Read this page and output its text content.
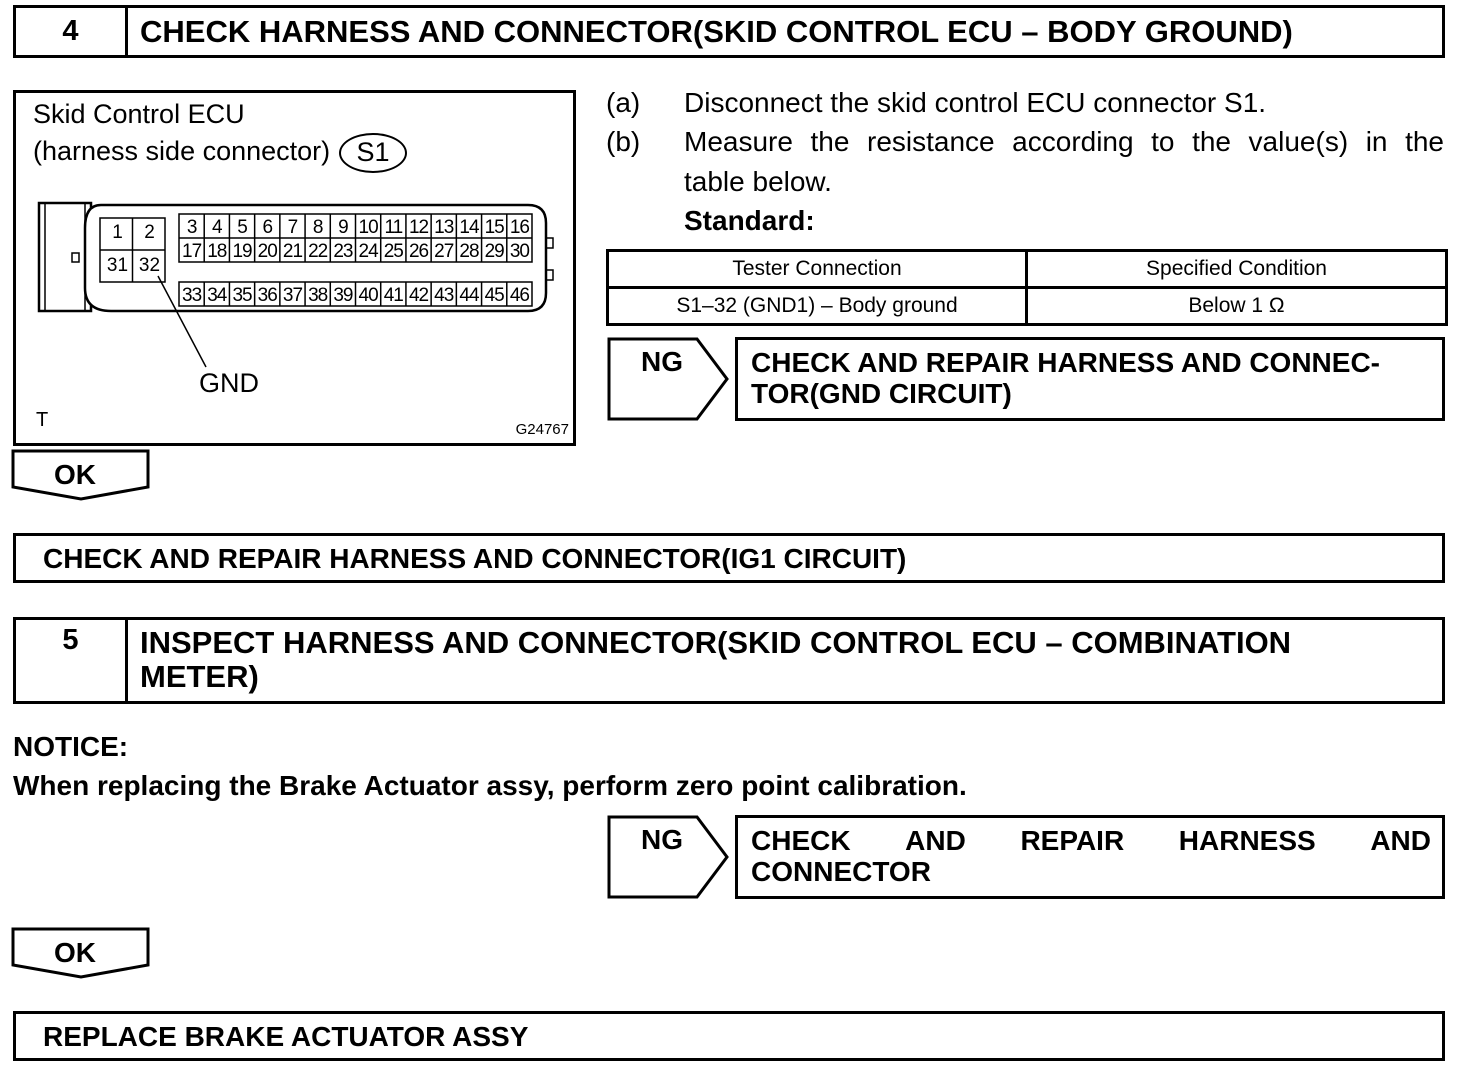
4	CHECK HARNESS AND CONNECTOR(SKID CONTROL ECU – BODY GROUND)
Skid Control ECU
(harness side connector) S1
1	2
31 32
3 4 5 6 7 8 9 10 11 12 13 14 15 16
17 18 19 20 21 22 23 24 25 26 27 28 29 30
33 34 35 36 37 38 39 40 41 42 43 44 45 46
GND
T	G24767
(a) Disconnect the skid control ECU connector S1.
(b) Measure the resistance according to the value(s) in the
table below.
Standard:
Tester Connection	Specified Condition
S1–32 (GND1) – Body ground	Below 1 Ω
NG CHECK AND REPAIR HARNESS AND CONNEC-
TOR(GND CIRCUIT)
OK
CHECK AND REPAIR HARNESS AND CONNECTOR(IG1 CIRCUIT)
5	INSPECT HARNESS AND CONNECTOR(SKID CONTROL ECU – COMBINATION
METER)
NOTICE:
When replacing the Brake Actuator assy, perform zero point calibration.
NG CHECK AND REPAIR HARNESS AND
CONNECTOR
OK
REPLACE BRAKE ACTUATOR ASSY
